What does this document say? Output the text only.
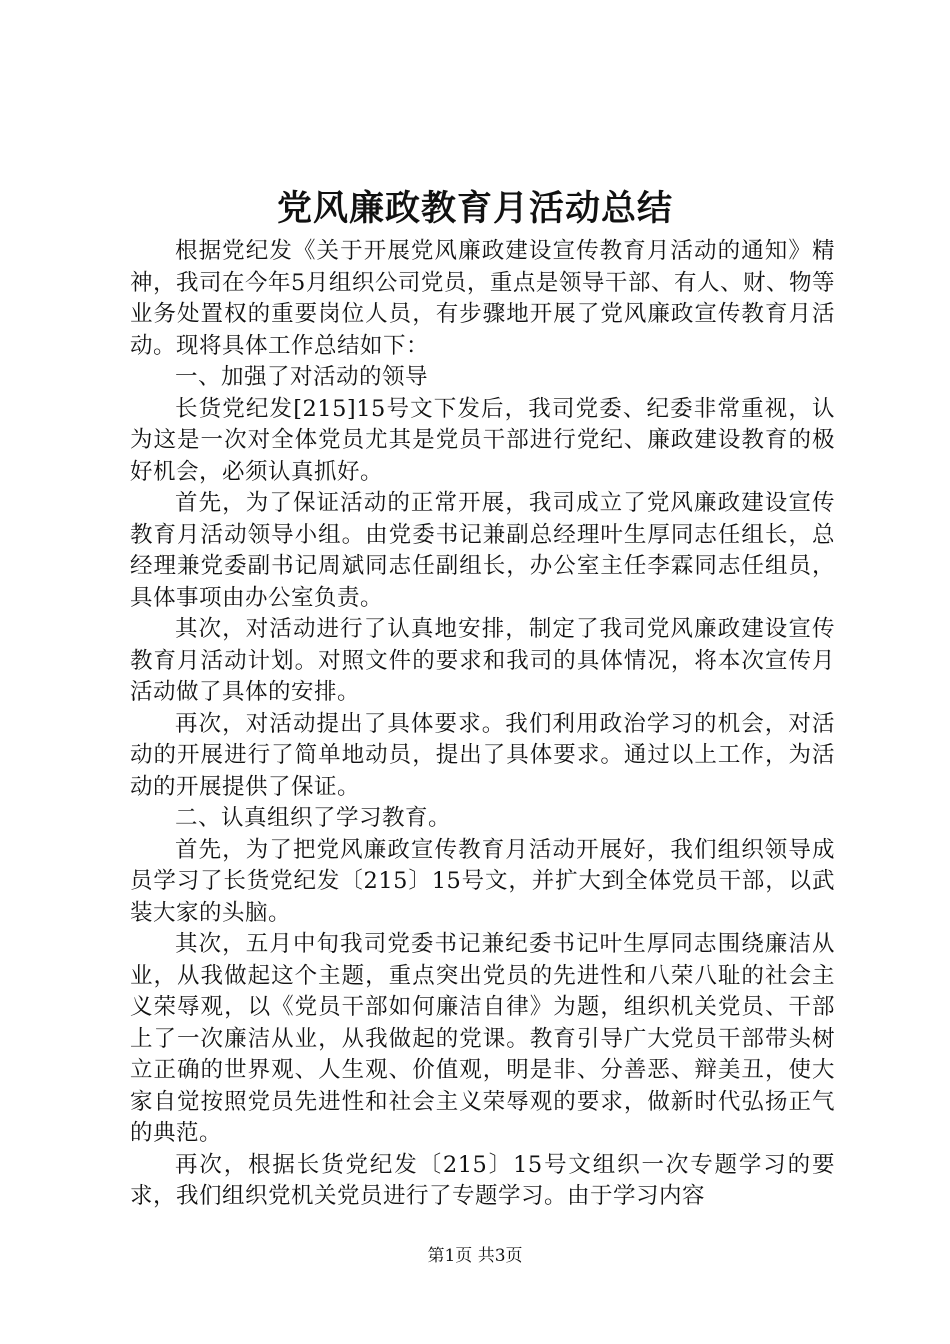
党风廉政教育月活动总结

根据党纪发《关于开展党风廉政建设宣传教育月活动的通知》精神，我司在今年5月组织公司党员，重点是领导干部、有人、财、物等业务处置权的重要岗位人员，有步骤地开展了党风廉政宣传教育月活动。现将具体工作总结如下：

一、加强了对活动的领导

长货党纪发[215]15号文下发后，我司党委、纪委非常重视，认为这是一次对全体党员尤其是党员干部进行党纪、廉政建设教育的极好机会，必须认真抓好。

首先，为了保证活动的正常开展，我司成立了党风廉政建设宣传教育月活动领导小组。由党委书记兼副总经理叶生厚同志任组长，总经理兼党委副书记周斌同志任副组长，办公室主任李霖同志任组员，具体事项由办公室负责。

其次，对活动进行了认真地安排，制定了我司党风廉政建设宣传教育月活动计划。对照文件的要求和我司的具体情况，将本次宣传月活动做了具体的安排。

再次，对活动提出了具体要求。我们利用政治学习的机会，对活动的开展进行了简单地动员，提出了具体要求。通过以上工作，为活动的开展提供了保证。

二、认真组织了学习教育。

首先，为了把党风廉政宣传教育月活动开展好，我们组织领导成员学习了长货党纪发〔215〕15号文，并扩大到全体党员干部，以武装大家的头脑。

其次，五月中旬我司党委书记兼纪委书记叶生厚同志围绕廉洁从业，从我做起这个主题，重点突出党员的先进性和八荣八耻的社会主义荣辱观，以《党员干部如何廉洁自律》为题，组织机关党员、干部上了一次廉洁从业，从我做起的党课。教育引导广大党员干部带头树立正确的世界观、人生观、价值观，明是非、分善恶、辩美丑，使大家自觉按照党员先进性和社会主义荣辱观的要求，做新时代弘扬正气的典范。

再次，根据长货党纪发〔215〕15号文组织一次专题学习的要求，我们组织党机关党员进行了专题学习。由于学习内容

第1页 共3页
